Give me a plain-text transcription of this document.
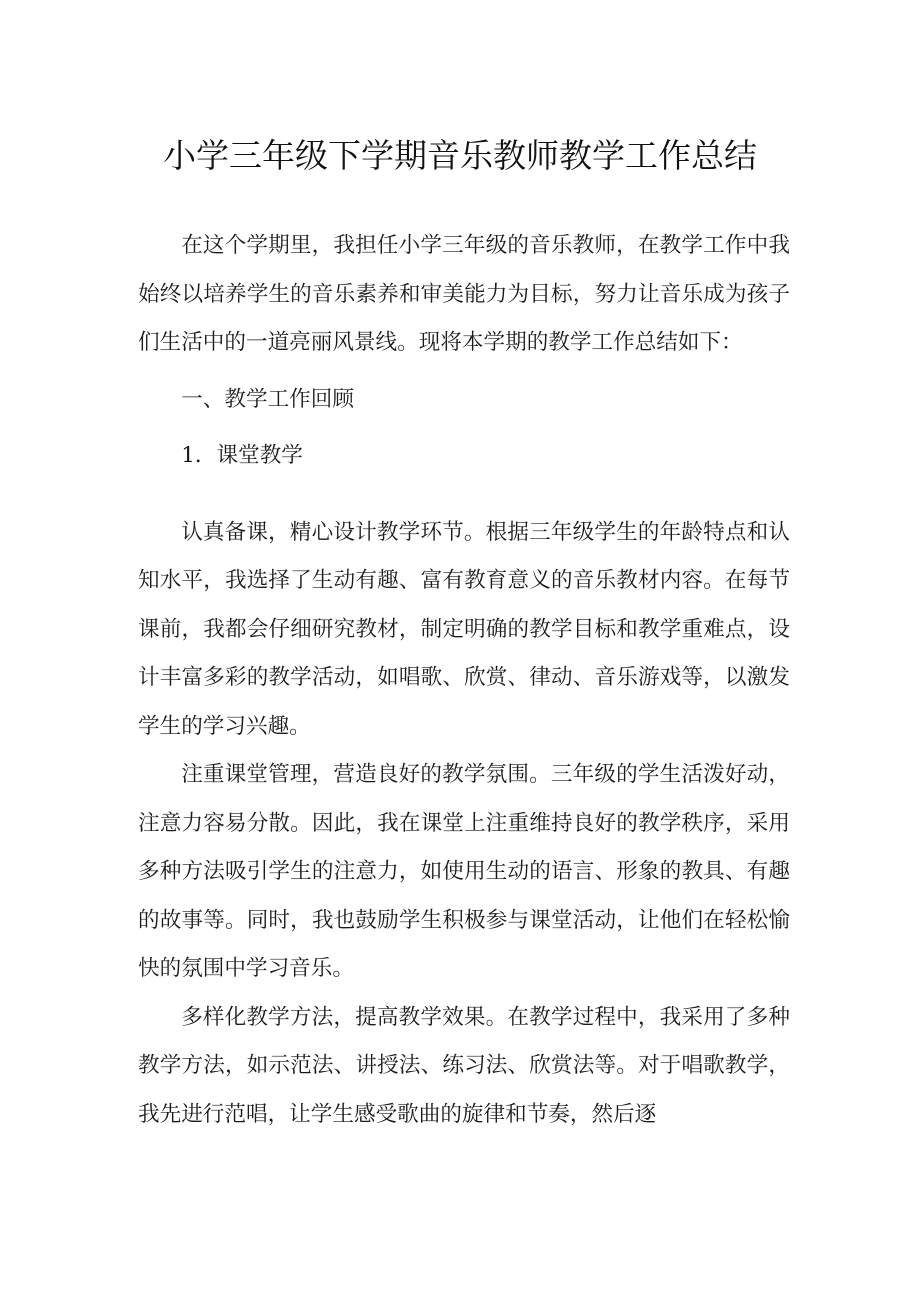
小学三年级下学期音乐教师教学工作总结

在这个学期里，我担任小学三年级的音乐教师，在教学工作中我始终以培养学生的音乐素养和审美能力为目标，努力让音乐成为孩子们生活中的一道亮丽风景线。现将本学期的教学工作总结如下：

一、教学工作回顾

1．课堂教学

认真备课，精心设计教学环节。根据三年级学生的年龄特点和认知水平，我选择了生动有趣、富有教育意义的音乐教材内容。在每节课前，我都会仔细研究教材，制定明确的教学目标和教学重难点，设计丰富多彩的教学活动，如唱歌、欣赏、律动、音乐游戏等，以激发学生的学习兴趣。

注重课堂管理，营造良好的教学氛围。三年级的学生活泼好动，注意力容易分散。因此，我在课堂上注重维持良好的教学秩序，采用多种方法吸引学生的注意力，如使用生动的语言、形象的教具、有趣的故事等。同时，我也鼓励学生积极参与课堂活动，让他们在轻松愉快的氛围中学习音乐。

多样化教学方法，提高教学效果。在教学过程中，我采用了多种教学方法，如示范法、讲授法、练习法、欣赏法等。对于唱歌教学，我先进行范唱，让学生感受歌曲的旋律和节奏，然后逐
